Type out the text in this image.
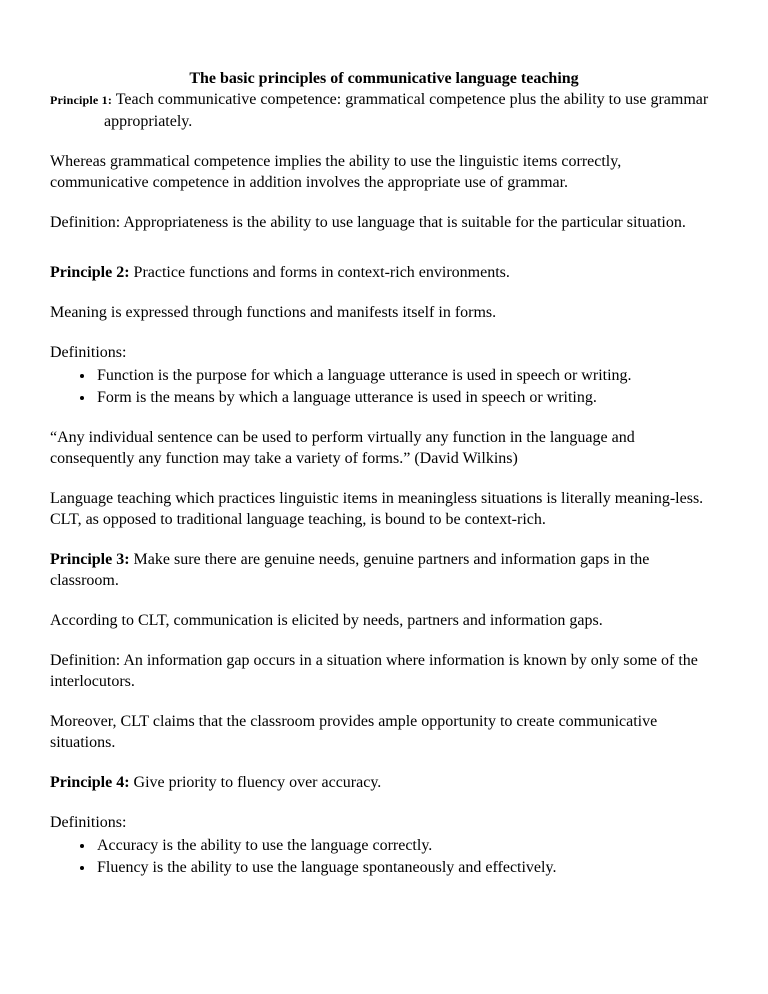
The basic principles of communicative language teaching

Principle 1: Teach communicative competence: grammatical competence plus the ability to use grammar appropriately.

Whereas grammatical competence implies the ability to use the linguistic items correctly, communicative competence in addition involves the appropriate use of grammar.

Definition: Appropriateness is the ability to use language that is suitable for the particular situation.

Principle 2: Practice functions and forms in context-rich environments.

Meaning is expressed through functions and manifests itself in forms.

Definitions:

• Function is the purpose for which a language utterance is used in speech or writing.
• Form is the means by which a language utterance is used in speech or writing.

“Any individual sentence can be used to perform virtually any function in the language and consequently any function may take a variety of forms.” (David Wilkins)

Language teaching which practices linguistic items in meaningless situations is literally meaning-less. CLT, as opposed to traditional language teaching, is bound to be context-rich.

Principle 3: Make sure there are genuine needs, genuine partners and information gaps in the classroom.

According to CLT, communication is elicited by needs, partners and information gaps.

Definition: An information gap occurs in a situation where information is known by only some of the interlocutors.

Moreover, CLT claims that the classroom provides ample opportunity to create communicative situations.

Principle 4: Give priority to fluency over accuracy.

Definitions:

• Accuracy is the ability to use the language correctly.
• Fluency is the ability to use the language spontaneously and effectively.
